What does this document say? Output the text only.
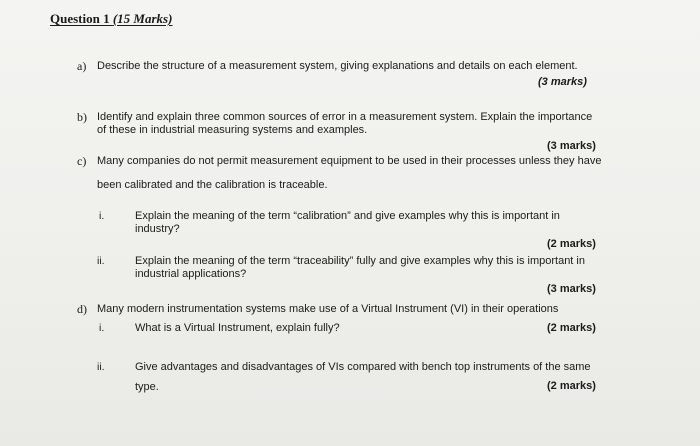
Question 1 (15 Marks)
a) Describe the structure of a measurement system, giving explanations and details on each element.
(3 marks)
b) Identify and explain three common sources of error in a measurement system. Explain the importance
of these in industrial measuring systems and examples.
(3 marks)
c) Many companies do not permit measurement equipment to be used in their processes unless they have
been calibrated and the calibration is traceable.
i.	Explain the meaning of the term “calibration” and give examples why this is important in
industry?
(2 marks)
ii.	Explain the meaning of the term “traceability” fully and give examples why this is important in
industrial applications?
(3 marks)
d) Many modern instrumentation systems make use of a Virtual Instrument (VI) in their operations
i.	What is a Virtual Instrument, explain fully?	(2 marks)
ii.	Give advantages and disadvantages of VIs compared with bench top instruments of the same
type.	(2 marks)
